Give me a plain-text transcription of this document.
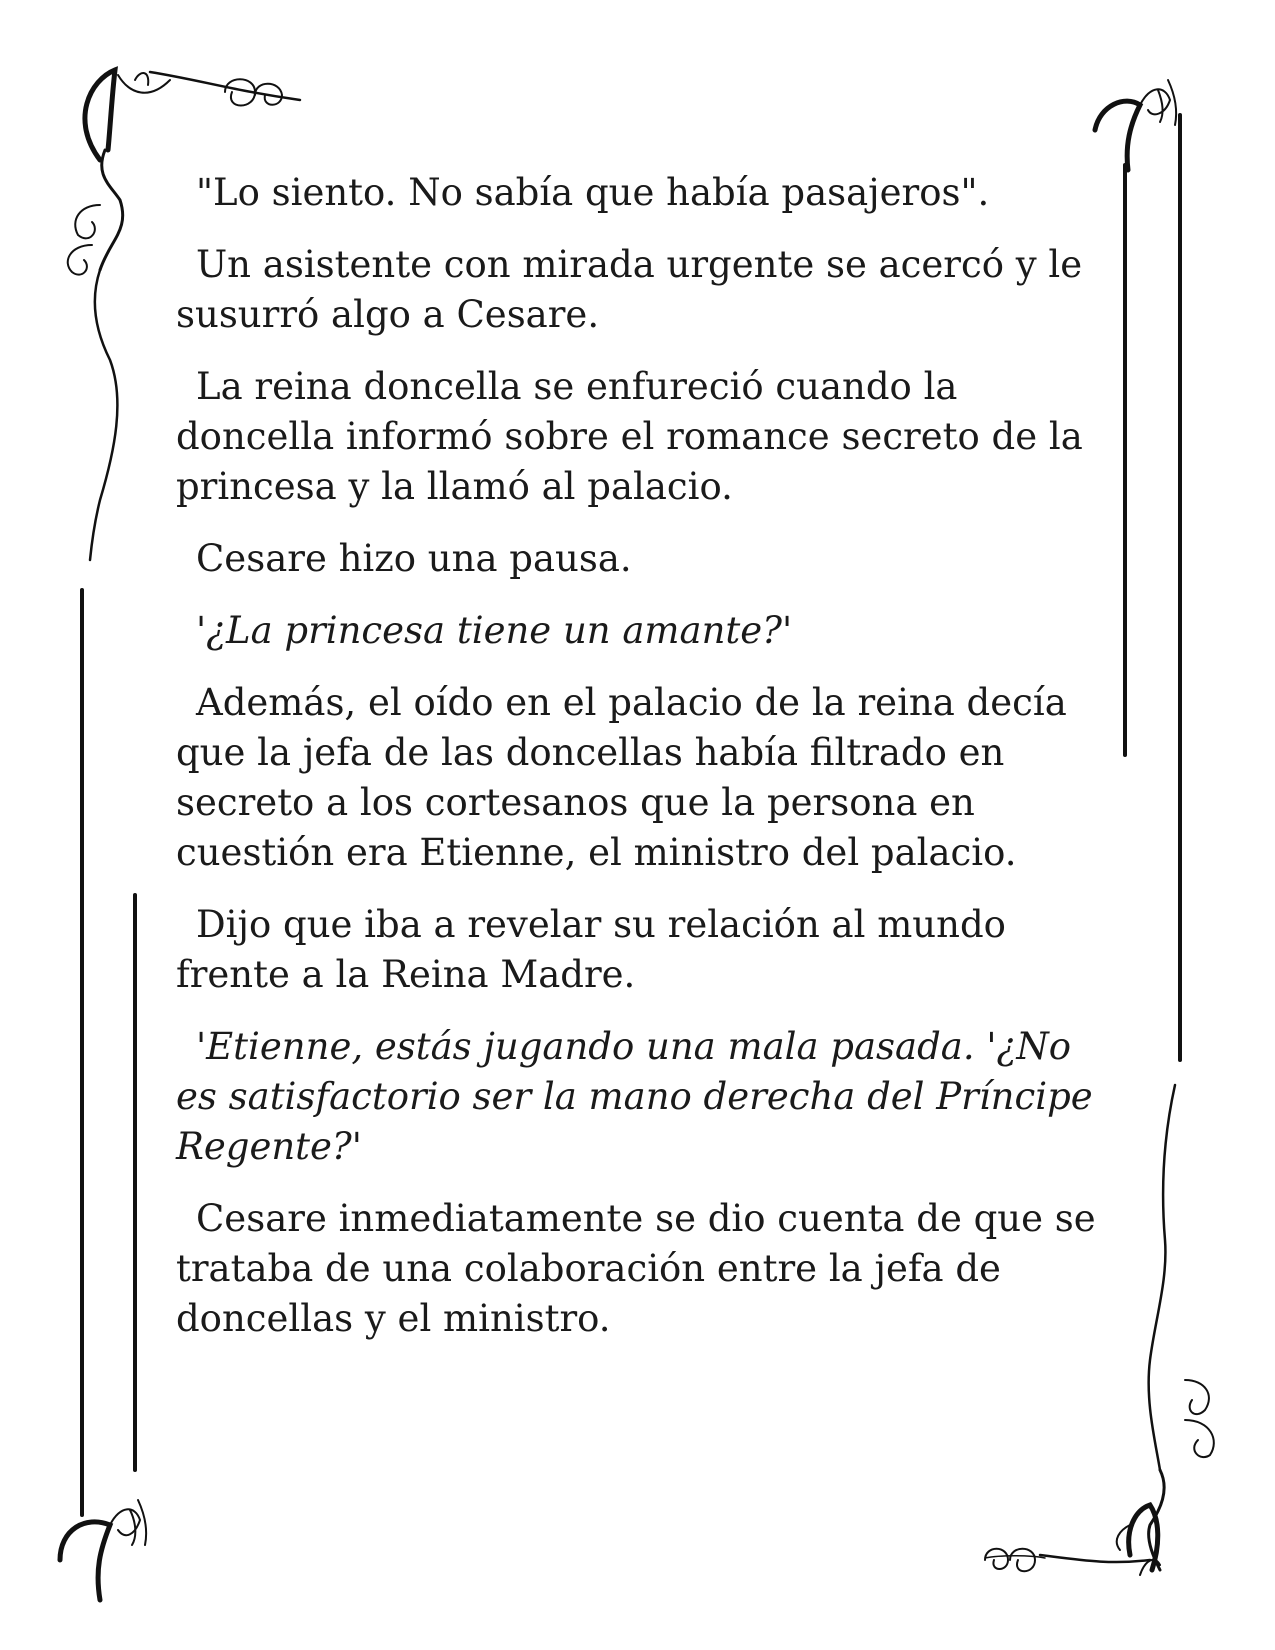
"Lo siento. No sabía que había pasajeros".

Un asistente con mirada urgente se acercó y le susurró algo a Cesare.

La reina doncella se enfureció cuando la doncella informó sobre el romance secreto de la princesa y la llamó al palacio.

Cesare hizo una pausa.

'¿La princesa tiene un amante?'

Además, el oído en el palacio de la reina decía que la jefa de las doncellas había filtrado en secreto a los cortesanos que la persona en cuestión era Etienne, el ministro del palacio.

Dijo que iba a revelar su relación al mundo frente a la Reina Madre.

'Etienne, estás jugando una mala pasada. '¿No es satisfactorio ser la mano derecha del Príncipe Regente?'

Cesare inmediatamente se dio cuenta de que se trataba de una colaboración entre la jefa de doncellas y el ministro.
